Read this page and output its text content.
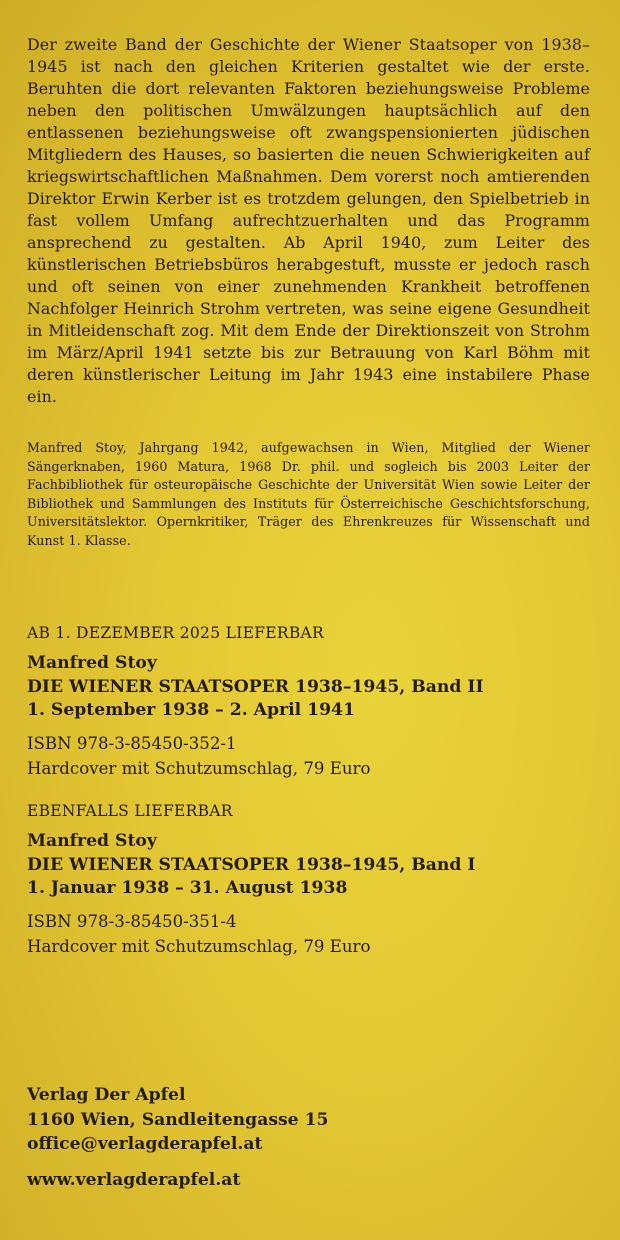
Der zweite Band der Geschichte der Wiener Staatsoper von 1938–1945 ist nach den gleichen Kriterien gestaltet wie der erste. Beruhten die dort relevanten Faktoren beziehungsweise Probleme neben den politischen Umwälzungen hauptsächlich auf den entlassenen beziehungsweise oft zwangspensionierten jüdischen Mitgliedern des Hauses, so basierten die neuen Schwierigkeiten auf kriegswirtschaftlichen Maßnahmen. Dem vorerst noch amtierenden Direktor Erwin Kerber ist es trotzdem gelungen, den Spielbetrieb in fast vollem Umfang aufrechtzuerhalten und das Programm ansprechend zu gestalten. Ab April 1940, zum Leiter des künstlerischen Betriebsbüros herabgestuft, musste er jedoch rasch und oft seinen von einer zunehmenden Krankheit betroffenen Nachfolger Heinrich Strohm vertreten, was seine eigene Gesundheit in Mitleidenschaft zog. Mit dem Ende der Direktionszeit von Strohm im März/April 1941 setzte bis zur Betrauung von Karl Böhm mit deren künstlerischer Leitung im Jahr 1943 eine instabilere Phase ein.

Manfred Stoy, Jahrgang 1942, aufgewachsen in Wien, Mitglied der Wiener Sängerknaben, 1960 Matura, 1968 Dr. phil. und sogleich bis 2003 Leiter der Fachbibliothek für osteuropäische Geschichte der Universität Wien sowie Leiter der Bibliothek und Sammlungen des Instituts für Österreichische Geschichtsforschung, Universitätslektor. Opernkritiker, Träger des Ehrenkreuzes für Wissenschaft und Kunst 1. Klasse.

AB 1. DEZEMBER 2025 LIEFERBAR

Manfred Stoy
DIE WIENER STAATSOPER 1938–1945, Band II
1. September 1938 – 2. April 1941
ISBN 978-3-85450-352-1
Hardcover mit Schutzumschlag, 79 Euro

EBENFALLS LIEFERBAR

Manfred Stoy
DIE WIENER STAATSOPER 1938–1945, Band I
1. Januar 1938 – 31. August 1938
ISBN 978-3-85450-351-4
Hardcover mit Schutzumschlag, 79 Euro
Verlag Der Apfel
1160 Wien, Sandleitengasse 15
office@verlagderapfel.at
www.verlagderapfel.at
